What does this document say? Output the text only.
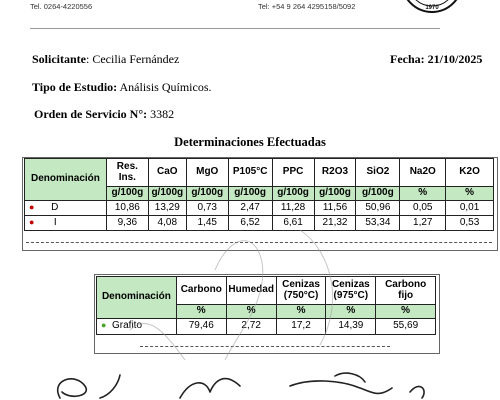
Tel. 0264-4220556	Tel: +54 9 264 4295158/5092	1970
Solicitante: Cecilia Fernández	Fecha: 21/10/2025
Tipo de Estudio: Análisis Químicos.
Orden de Servicio N°: 3382
Determinaciones Efectuadas
Denominación	Res. Ins.	CaO	MgO	P105°C	PPC	R2O3	SiO2	Na2O	K2O
	g/100g	g/100g	g/100g	g/100g	g/100g	g/100g	g/100g	%	%
● D	10,86	13,29	0,73	2,47	11,28	11,56	50,96	0,05	0,01
● I	9,36	4,08	1,45	6,52	6,61	21,32	53,34	1,27	0,53
Denominación	Carbono	Humedad	Cenizas (750°C)	Cenizas (975°C)	Carbono fijo
	%	%	%	%	%
● Grafito	79,46	2,72	17,2	14,39	55,69
